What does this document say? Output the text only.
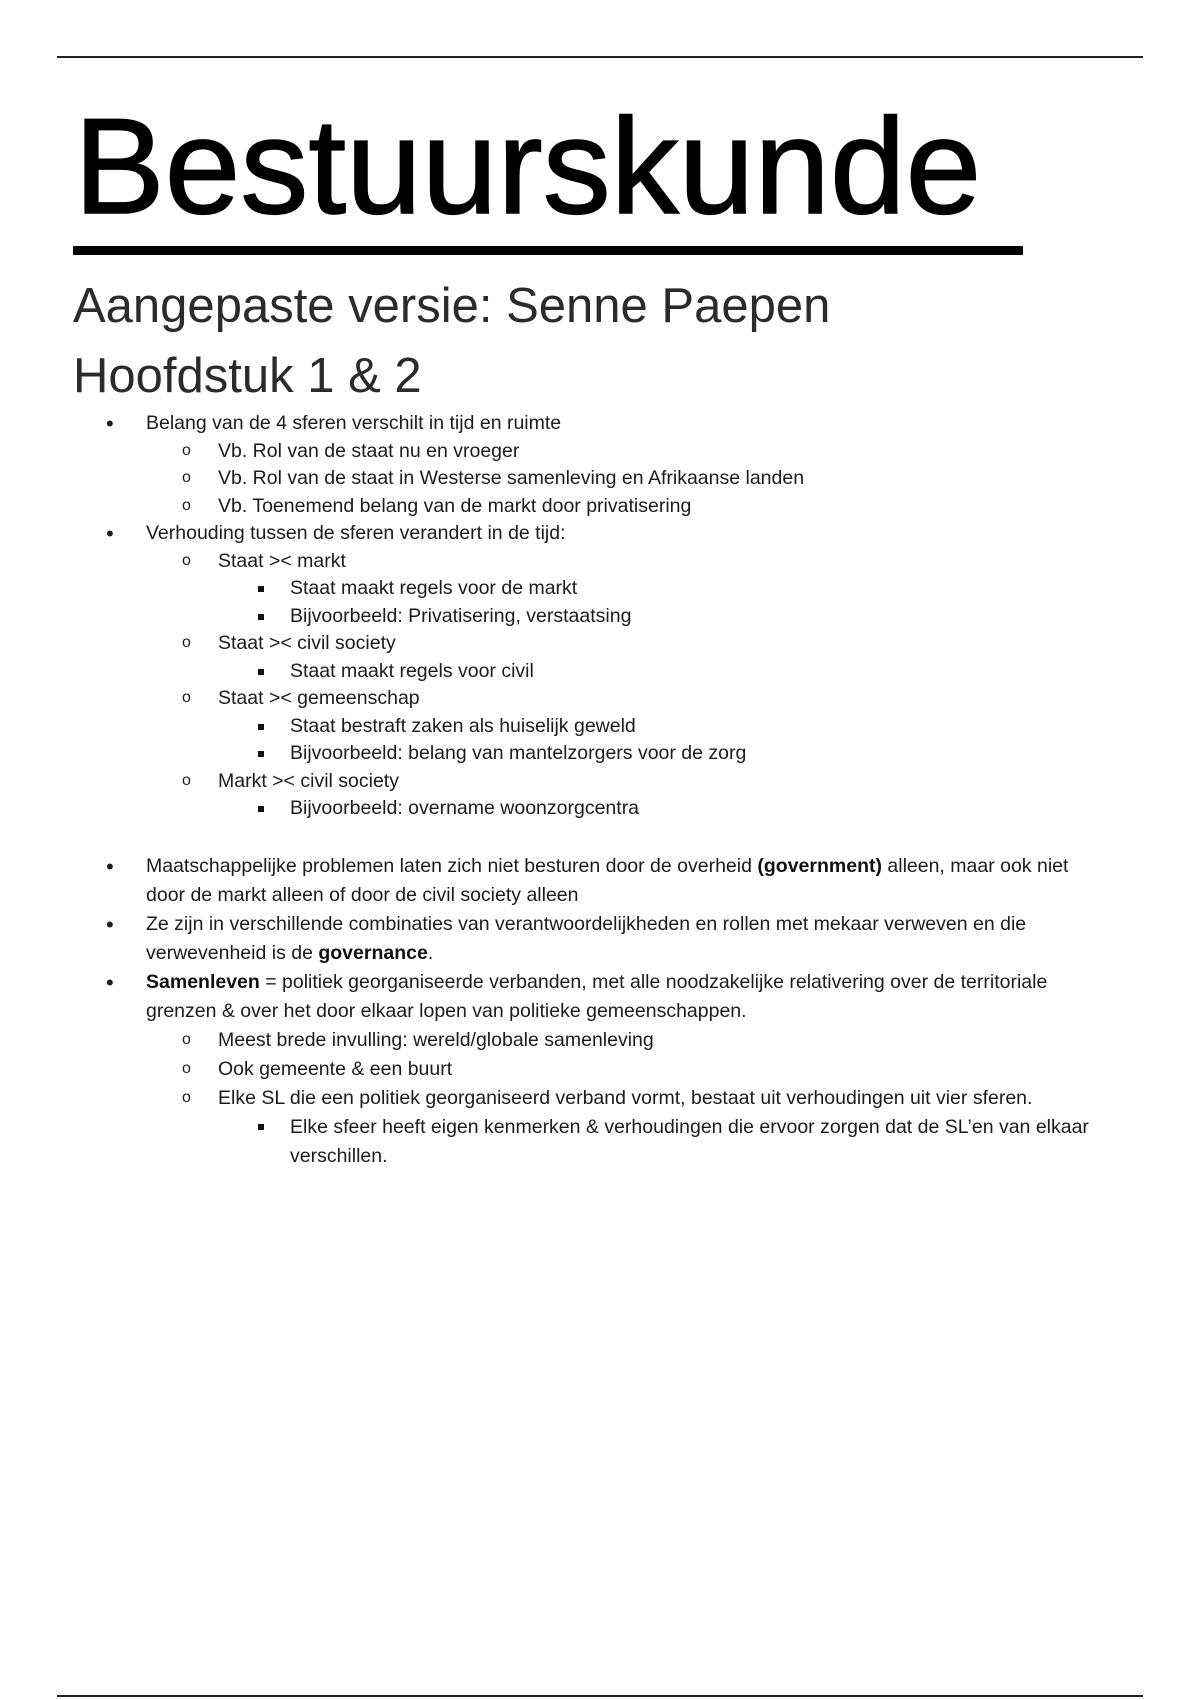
Bestuurskunde
Aangepaste versie: Senne Paepen
Hoofdstuk 1 & 2
• Belang van de 4 sferen verschilt in tijd en ruimte
o Vb. Rol van de staat nu en vroeger
o Vb. Rol van de staat in Westerse samenleving en Afrikaanse landen
o Vb. Toenemend belang van de markt door privatisering
• Verhouding tussen de sferen verandert in de tijd:
o Staat >< markt
Staat maakt regels voor de markt
Bijvoorbeeld: Privatisering, verstaatsing
o Staat >< civil society
Staat maakt regels voor civil
o Staat >< gemeenschap
Staat bestraft zaken als huiselijk geweld
Bijvoorbeeld: belang van mantelzorgers voor de zorg
o Markt >< civil society
Bijvoorbeeld: overname woonzorgcentra
• Maatschappelijke problemen laten zich niet besturen door de overheid (government) alleen, maar ook niet
door de markt alleen of door de civil society alleen
• Ze zijn in verschillende combinaties van verantwoordelijkheden en rollen met mekaar verweven en die
verwevenheid is de governance.
• Samenleven = politiek georganiseerde verbanden, met alle noodzakelijke relativering over de territoriale
grenzen & over het door elkaar lopen van politieke gemeenschappen.
o Meest brede invulling: wereld/globale samenleving
o Ook gemeente & een buurt
o Elke SL die een politiek georganiseerd verband vormt, bestaat uit verhoudingen uit vier sferen.
Elke sfeer heeft eigen kenmerken & verhoudingen die ervoor zorgen dat de SL’en van elkaar
verschillen.
